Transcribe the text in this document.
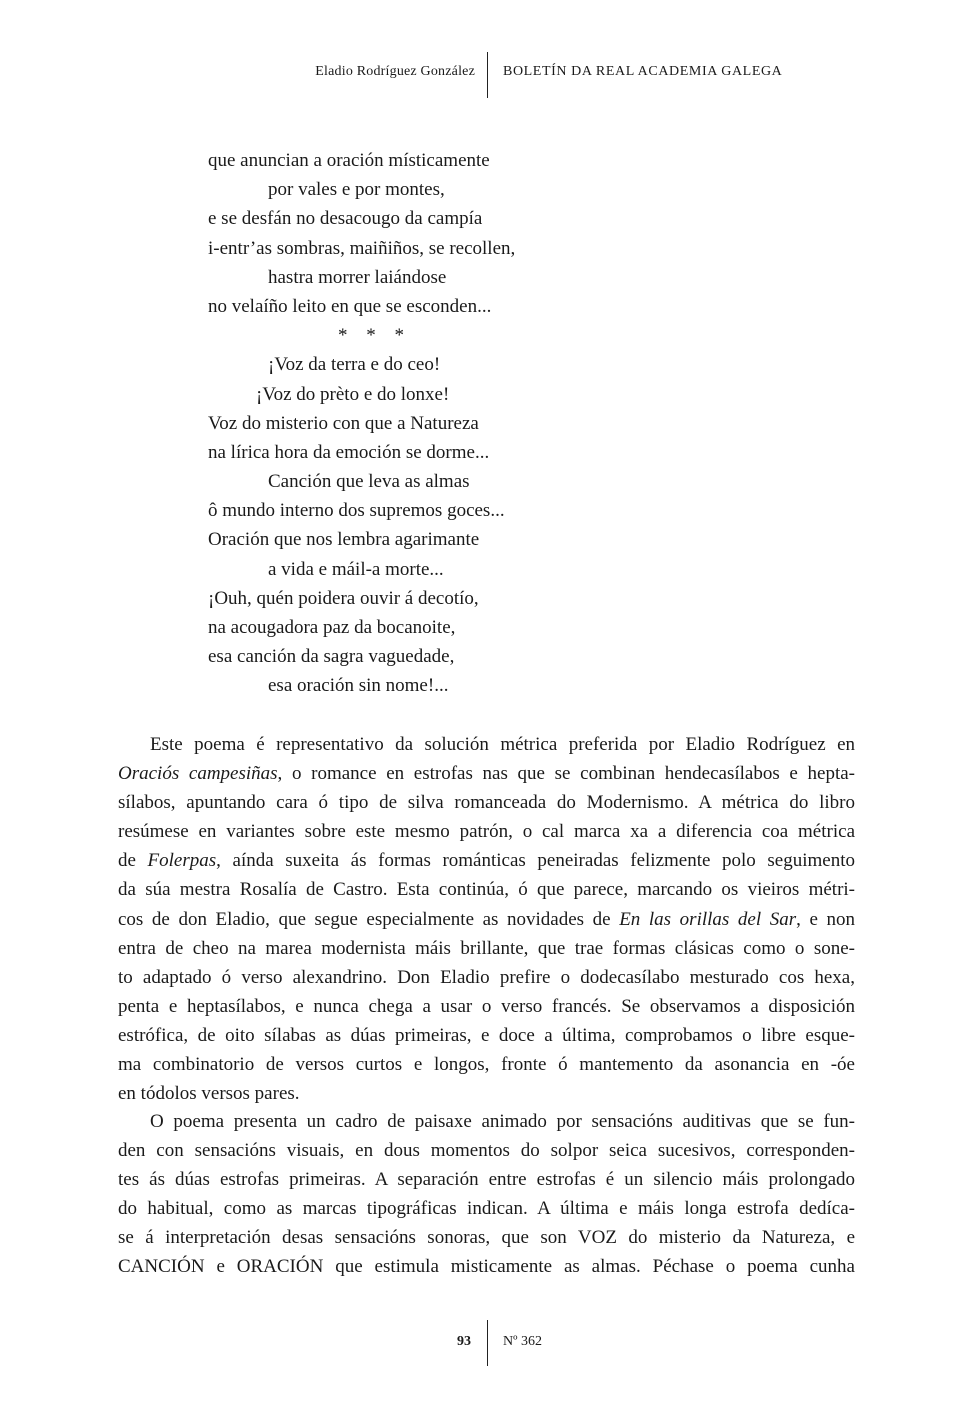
Eladio Rodríguez González BOLETÍN DA REAL ACADEMIA GALEGA
que anuncian a oración místicamente
por vales e por montes,
e se desfán no desacougo da campía
i-entr’as sombras, maiñiños, se recollen,
hastra morrer laiándose
no velaíño leito en que se esconden...
* * *
¡Voz da terra e do ceo!
¡Voz do prèto e do lonxe!
Voz do misterio con que a Natureza
na lírica hora da emoción se dorme...
Canción que leva as almas
ô mundo interno dos supremos goces...
Oración que nos lembra agarimante
a vida e máil-a morte...
¡Ouh, quén poidera ouvir á decotío,
na acougadora paz da bocanoite,
esa canción da sagra vaguedade,
esa oración sin nome!...
Este poema é representativo da solución métrica preferida por Eladio Rodríguez en
Oraciós campesiñas, o romance en estrofas nas que se combinan hendecasílabos e hepta-
sílabos, apuntando cara ó tipo de silva romanceada do Modernismo. A métrica do libro
resúmese en variantes sobre este mesmo patrón, o cal marca xa a diferencia coa métrica
de Folerpas, aínda suxeita ás formas románticas peneiradas felizmente polo seguimento
da súa mestra Rosalía de Castro. Esta continúa, ó que parece, marcando os vieiros métri-
cos de don Eladio, que segue especialmente as novidades de En las orillas del Sar, e non
entra de cheo na marea modernista máis brillante, que trae formas clásicas como o sone-
to adaptado ó verso alexandrino. Don Eladio prefire o dodecasílabo mesturado cos hexa,
penta e heptasílabos, e nunca chega a usar o verso francés. Se observamos a disposición
estrófica, de oito sílabas as dúas primeiras, e doce a última, comprobamos o libre esque-
ma combinatorio de versos curtos e longos, fronte ó mantemento da asonancia en -óe
en tódolos versos pares.
O poema presenta un cadro de paisaxe animado por sensacións auditivas que se fun-
den con sensacións visuais, en dous momentos do solpor seica sucesivos, corresponden-
tes ás dúas estrofas primeiras. A separación entre estrofas é un silencio máis prolongado
do habitual, como as marcas tipográficas indican. A última e máis longa estrofa dedíca-
se á interpretación desas sensacións sonoras, que son VOZ do misterio da Natureza, e
CANCIÓN e ORACIÓN que estimula misticamente as almas. Péchase o poema cunha
93 Nº 362
